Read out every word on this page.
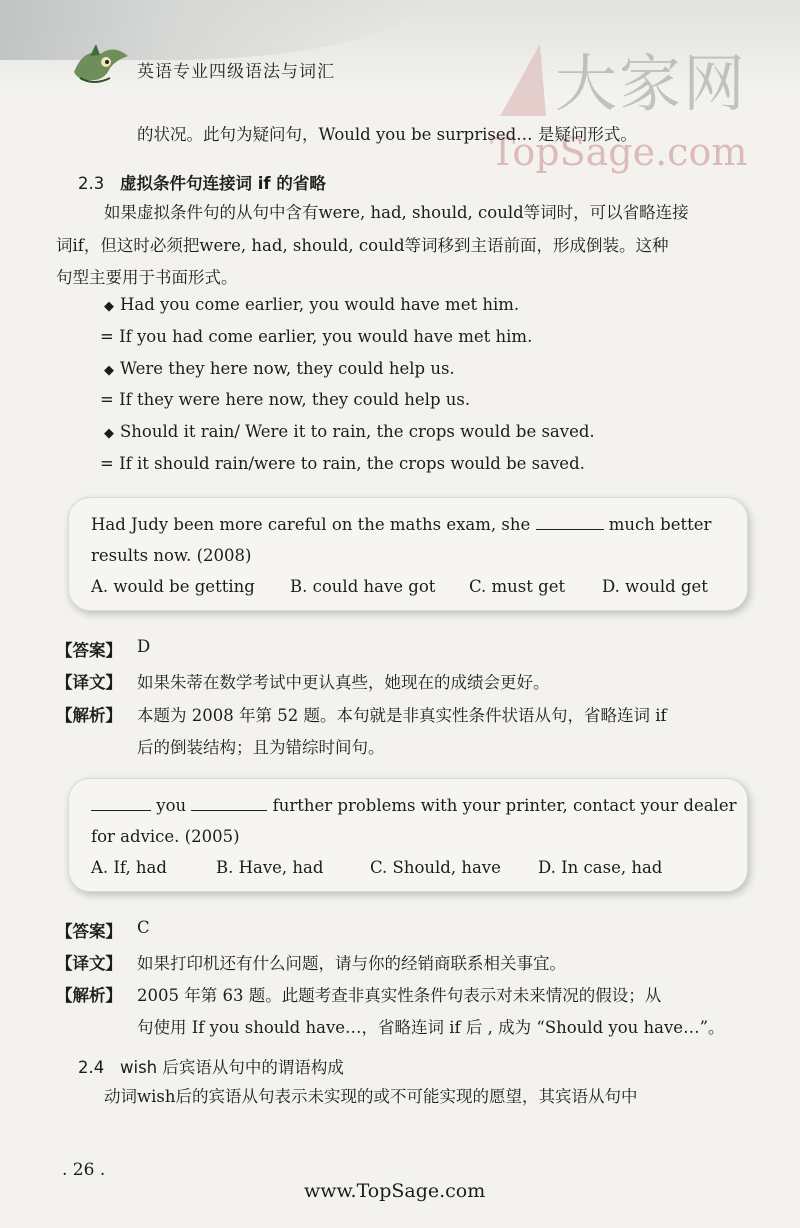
英语专业四级语法与词汇	大家网
TopSage.com
的状况。此句为疑问句，Would you be surprised… 是疑问形式。
2.3 虚拟条件句连接词 if 的省略
如果虚拟条件句的从句中含有were, had, should, could等词时，可以省略连接
词if，但这时必须把were, had, should, could等词移到主语前面，形成倒装。这种
句型主要用于书面形式。
◆ Had you come earlier, you would have met him.
= If you had come earlier, you would have met him.
◆ Were they here now, they could help us.
= If they were here now, they could help us.
◆ Should it rain/ Were it to rain, the crops would be saved.
= If it should rain/were to rain, the crops would be saved.
Had Judy been more careful on the maths exam, she	much better
results now. (2008)
A. would be getting B. could have got C. must get D. would get
【答案】 D
【译文】 如果朱蒂在数学考试中更认真些，她现在的成绩会更好。
【解析】 本题为 2008 年第 52 题。本句就是非真实性条件状语从句，省略连词 if
后的倒装结构；且为错综时间句。
you	further problems with your printer, contact your dealer
for advice. (2005)
A. If, had	B. Have, had	C. Should, have D. In case, had
【答案】 C
【译文】 如果打印机还有什么问题，请与你的经销商联系相关事宜。
【解析】 2005 年第 63 题。此题考查非真实性条件句表示对未来情况的假设；从
句使用 If you should have…，省略连词 if 后 , 成为 “Should you have…”。
2.4 wish 后宾语从句中的谓语构成
动词wish后的宾语从句表示未实现的或不可能实现的愿望，其宾语从句中
. 26 .
www.TopSage.com
